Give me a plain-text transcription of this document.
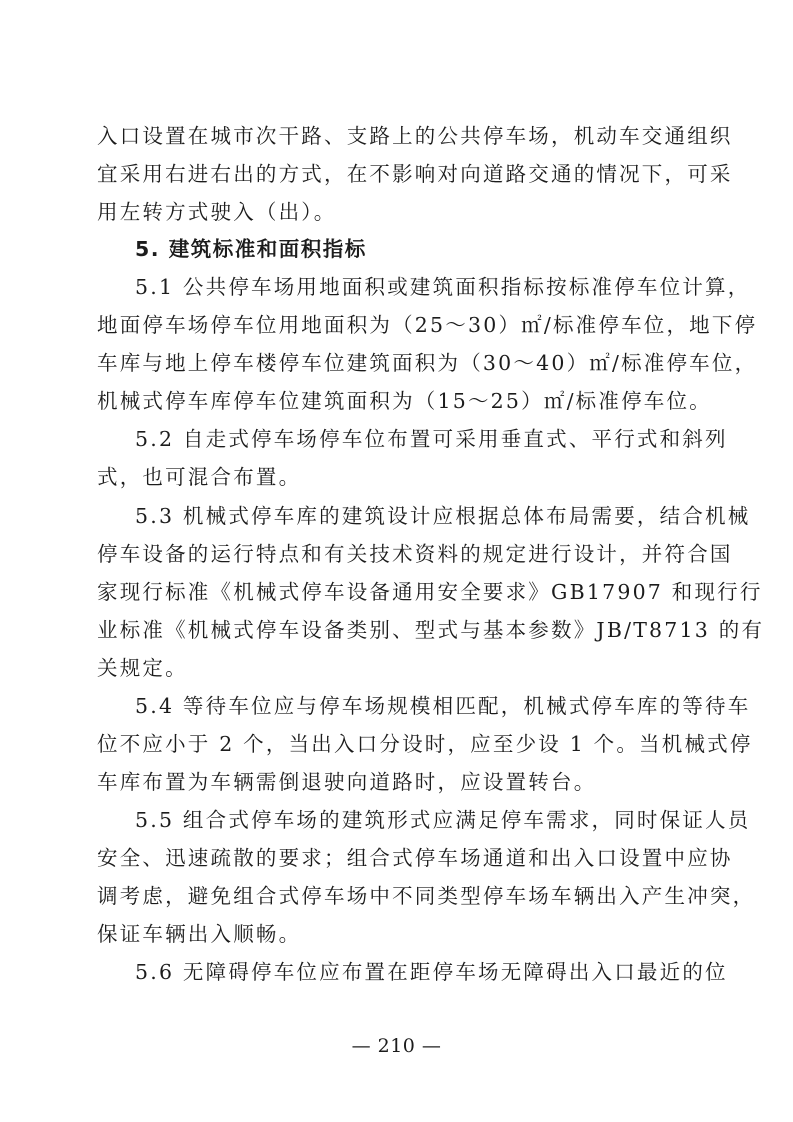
入口设置在城市次干路、支路上的公共停车场，机动车交通组织
宜采用右进右出的方式，在不影响对向道路交通的情况下，可采
用左转方式驶入（出）。
5. 建筑标准和面积指标
5.1 公共停车场用地面积或建筑面积指标按标准停车位计算，
地面停车场停车位用地面积为（25～30）㎡/标准停车位，地下停
车库与地上停车楼停车位建筑面积为（30～40）㎡/标准停车位，
机械式停车库停车位建筑面积为（15～25）㎡/标准停车位。
5.2 自走式停车场停车位布置可采用垂直式、平行式和斜列
式，也可混合布置。
5.3 机械式停车库的建筑设计应根据总体布局需要，结合机械
停车设备的运行特点和有关技术资料的规定进行设计，并符合国
家现行标准《机械式停车设备通用安全要求》GB17907 和现行行
业标准《机械式停车设备类别、型式与基本参数》JB/T8713 的有
关规定。
5.4 等待车位应与停车场规模相匹配，机械式停车库的等待车
位不应小于 2 个，当出入口分设时，应至少设 1 个。当机械式停
车库布置为车辆需倒退驶向道路时，应设置转台。
5.5 组合式停车场的建筑形式应满足停车需求，同时保证人员
安全、迅速疏散的要求；组合式停车场通道和出入口设置中应协
调考虑，避免组合式停车场中不同类型停车场车辆出入产生冲突，
保证车辆出入顺畅。
5.6 无障碍停车位应布置在距停车场无障碍出入口最近的位
— 210 —
